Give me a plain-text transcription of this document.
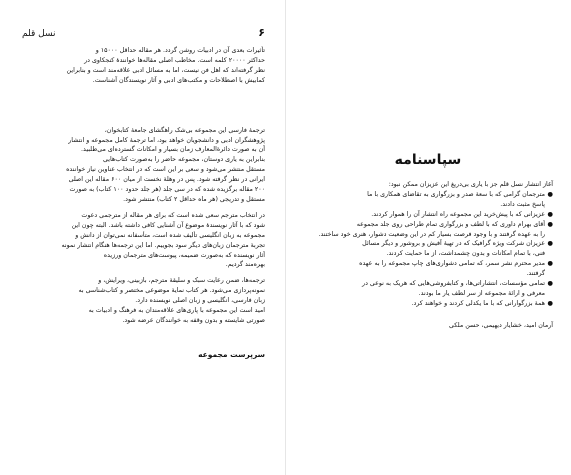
۶
نسل قلم
تأثیرات بعدی آن در ادبیات روشن گردد. هر مقاله حداقل ۱۵۰۰۰ و
حداکثر ۲۰۰۰۰ کلمه است. مخاطب اصلی مقاله‌ها خوانندهٔ کنجکاوی در
نظر گرفته‌اند که اهل فن نیست، اما به مسائل ادبی علاقه‌مند است و بنابراین
کمابیش با اصطلاحات و مکتب‌های ادبی و آثار نویسندگان آشناست.
ترجمهٔ فارسی این مجموعه بی‌شک راهگشای جامعهٔ کتابخوان،
پژوهشگران ادبی و دانشجویان خواهد بود، اما ترجمهٔ کامل مجموعه و انتشار
آن به صورت دائرةالمعارف زمان بسیار و امکانات گسترده‌ای می‌طلبید.
بنابراین به یاری دوستان، مجموعه حاضر را به‌صورت کتاب‌هایی
مستقل منتشر می‌شود و سعی بر این است که در انتخاب عناوین نیاز خواننده
ایرانی در نظر گرفته شود. پس در وهلهٔ نخست از میان ۶۰۰ مقاله این اصلی
۲۰۰ مقاله برگزیده شده که در سی جلد (هر جلد حدود ۱۰۰ کتاب) به صورت
مستقل و تدریجی (هر ماه حداقل ۲ کتاب) منتشر شود.
در انتخاب مترجم سعی شده است که برای هر مقاله از مترجمی دعوت
شود که با آثار نویسندهٔ موضوع آن آشنایی کافی داشته باشد. البته چون این
مجموعه به زبان انگلیسی تألیف شده است، متأسفانه نمی‌توان از دانش و
تجربهٔ مترجمان زبان‌های دیگر سود بجوییم. اما این ترجمه‌ها هنگام انتشار نمونه
آثار نویسنده که به‌صورت ضمیمه، پیوست‌های مترجمان ورزیده
بهره‌مند گردیم.
ترجمه‌ها، ضمن رعایت سبک و سلیقهٔ مترجم، بازبینی، ویرایش، و
نمونه‌پردازی می‌شود. هر کتاب نمایهٔ موضوعی مختصر و کتاب‌شناسی به
زبان فارسی، انگلیسی و زبان اصلی نویسنده دارد.
امید است این مجموعه با پاری‌های علاقه‌مندان به فرهنگ و ادبیات به
صورتی شایسته و بدون وقفه به خوانندگان عرضه شود.
سرپرست مجموعه
سپاسنامه
آغاز انتشار نسل قلم جز با یاری بی‌دریغ این عزیزان ممکن نبود:
●
مترجمان گرامی که با سعهٔ صدر و بزرگواری به تقاضای همکاری با ما
پاسخ مثبت دادند.
●
عزیزانی که با پیش‌خرید این مجموعه راه انتشار آن را هموار کردند.
●
آقای بهرام داوری که با لطف و بزرگواری تمام طراحی روی جلد مجموعه
را به عهده گرفتند و با وجود فرصت بسیار کم در این وضعیت دشوار، هنری خود ساختند.
●
عزیزان شرکت ویژه گرافیک که در تهیهٔ آفیش و بروشور و دیگر مسائل
فنی، با تمام امکانات و بدون چشمداشت، از ما حمایت کردند.
●
مدیر محترم نشر سمر، که تمامی دشواری‌های چاپ مجموعه را به عهده
گرفتند.
●
تمامی مؤسسات، انتشاراتی‌ها، و کتابفروشی‌هایی که هریک به نوعی در
معرفی و ارائهٔ مجموعه از سر لطف یار ما بودند.
●
همهٔ بزرگوارانی که با ما یکدلی کردند و خواهند کرد.
آرمان امید، خشایار دیهیمی، حسن ملکی
